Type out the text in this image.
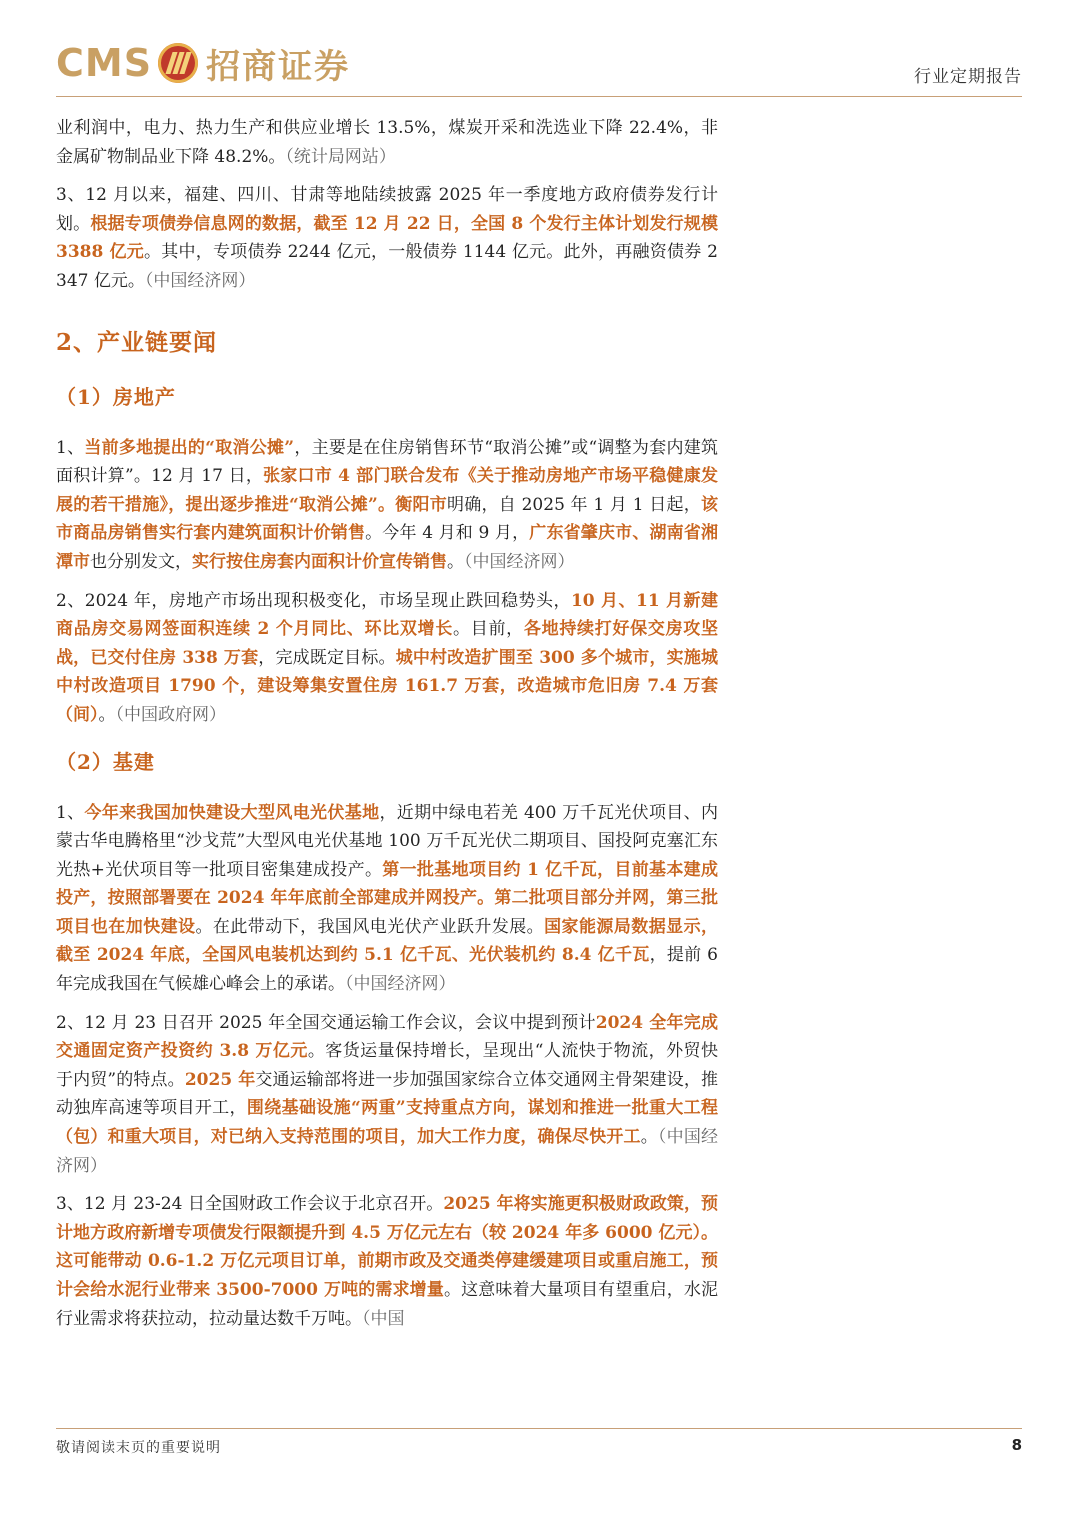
CMS 招商证券	行业定期报告

业利润中，电力、热力生产和供应业增长 13.5%，煤炭开采和洗选业下降 22.4%，非金属矿物制品业下降 48.2%。（统计局网站）

3、12 月以来，福建、四川、甘肃等地陆续披露 2025 年一季度地方政府债券发行计划。根据专项债券信息网的数据，截至 12 月 22 日，全国 8 个发行主体计划发行规模 3388 亿元。其中，专项债券 2244 亿元，一般债券 1144 亿元。此外，再融资债券 2347 亿元。（中国经济网）

2、产业链要闻
（1）房地产

1、当前多地提出的“取消公摊”，主要是在住房销售环节“取消公摊”或“调整为套内建筑面积计算”。12 月 17 日，张家口市 4 部门联合发布《关于推动房地产市场平稳健康发展的若干措施》，提出逐步推进“取消公摊”。衡阳市明确，自 2025 年 1 月 1 日起，该市商品房销售实行套内建筑面积计价销售。今年 4 月和 9 月，广东省肇庆市、湖南省湘潭市也分别发文，实行按住房套内面积计价宣传销售。（中国经济网）

2、2024 年，房地产市场出现积极变化，市场呈现止跌回稳势头，10 月、11 月新建商品房交易网签面积连续 2 个月同比、环比双增长。目前，各地持续打好保交房攻坚战，已交付住房 338 万套，完成既定目标。城中村改造扩围至 300 多个城市，实施城中村改造项目 1790 个，建设筹集安置住房 161.7 万套，改造城市危旧房 7.4 万套（间）。（中国政府网）

（2）基建

1、今年来我国加快建设大型风电光伏基地，近期中绿电若羌 400 万千瓦光伏项目、内蒙古华电腾格里“沙戈荒”大型风电光伏基地 100 万千瓦光伏二期项目、国投阿克塞汇东光热+光伏项目等一批项目密集建成投产。第一批基地项目约 1 亿千瓦，目前基本建成投产，按照部署要在 2024 年年底前全部建成并网投产。第二批项目部分并网，第三批项目也在加快建设。在此带动下，我国风电光伏产业跃升发展。国家能源局数据显示，截至 2024 年底，全国风电装机达到约 5.1 亿千瓦、光伏装机约 8.4 亿千瓦，提前 6 年完成我国在气候雄心峰会上的承诺。（中国经济网）

2、12 月 23 日召开 2025 年全国交通运输工作会议，会议中提到预计2024 全年完成交通固定资产投资约 3.8 万亿元。客货运量保持增长，呈现出“人流快于物流，外贸快于内贸”的特点。2025 年交通运输部将进一步加强国家综合立体交通网主骨架建设，推动独库高速等项目开工，围绕基础设施“两重”支持重点方向，谋划和推进一批重大工程（包）和重大项目，对已纳入支持范围的项目，加大工作力度，确保尽快开工。（中国经济网）

3、12 月 23-24 日全国财政工作会议于北京召开。2025 年将实施更积极财政政策，预计地方政府新增专项债发行限额提升到 4.5 万亿元左右（较 2024 年多 6000 亿元）。这可能带动 0.6-1.2 万亿元项目订单，前期市政及交通类停建缓建项目或重启施工，预计会给水泥行业带来 3500-7000 万吨的需求增量。这意味着大量项目有望重启，水泥行业需求将获拉动，拉动量达数千万吨。（中国

敬请阅读末页的重要说明	8
